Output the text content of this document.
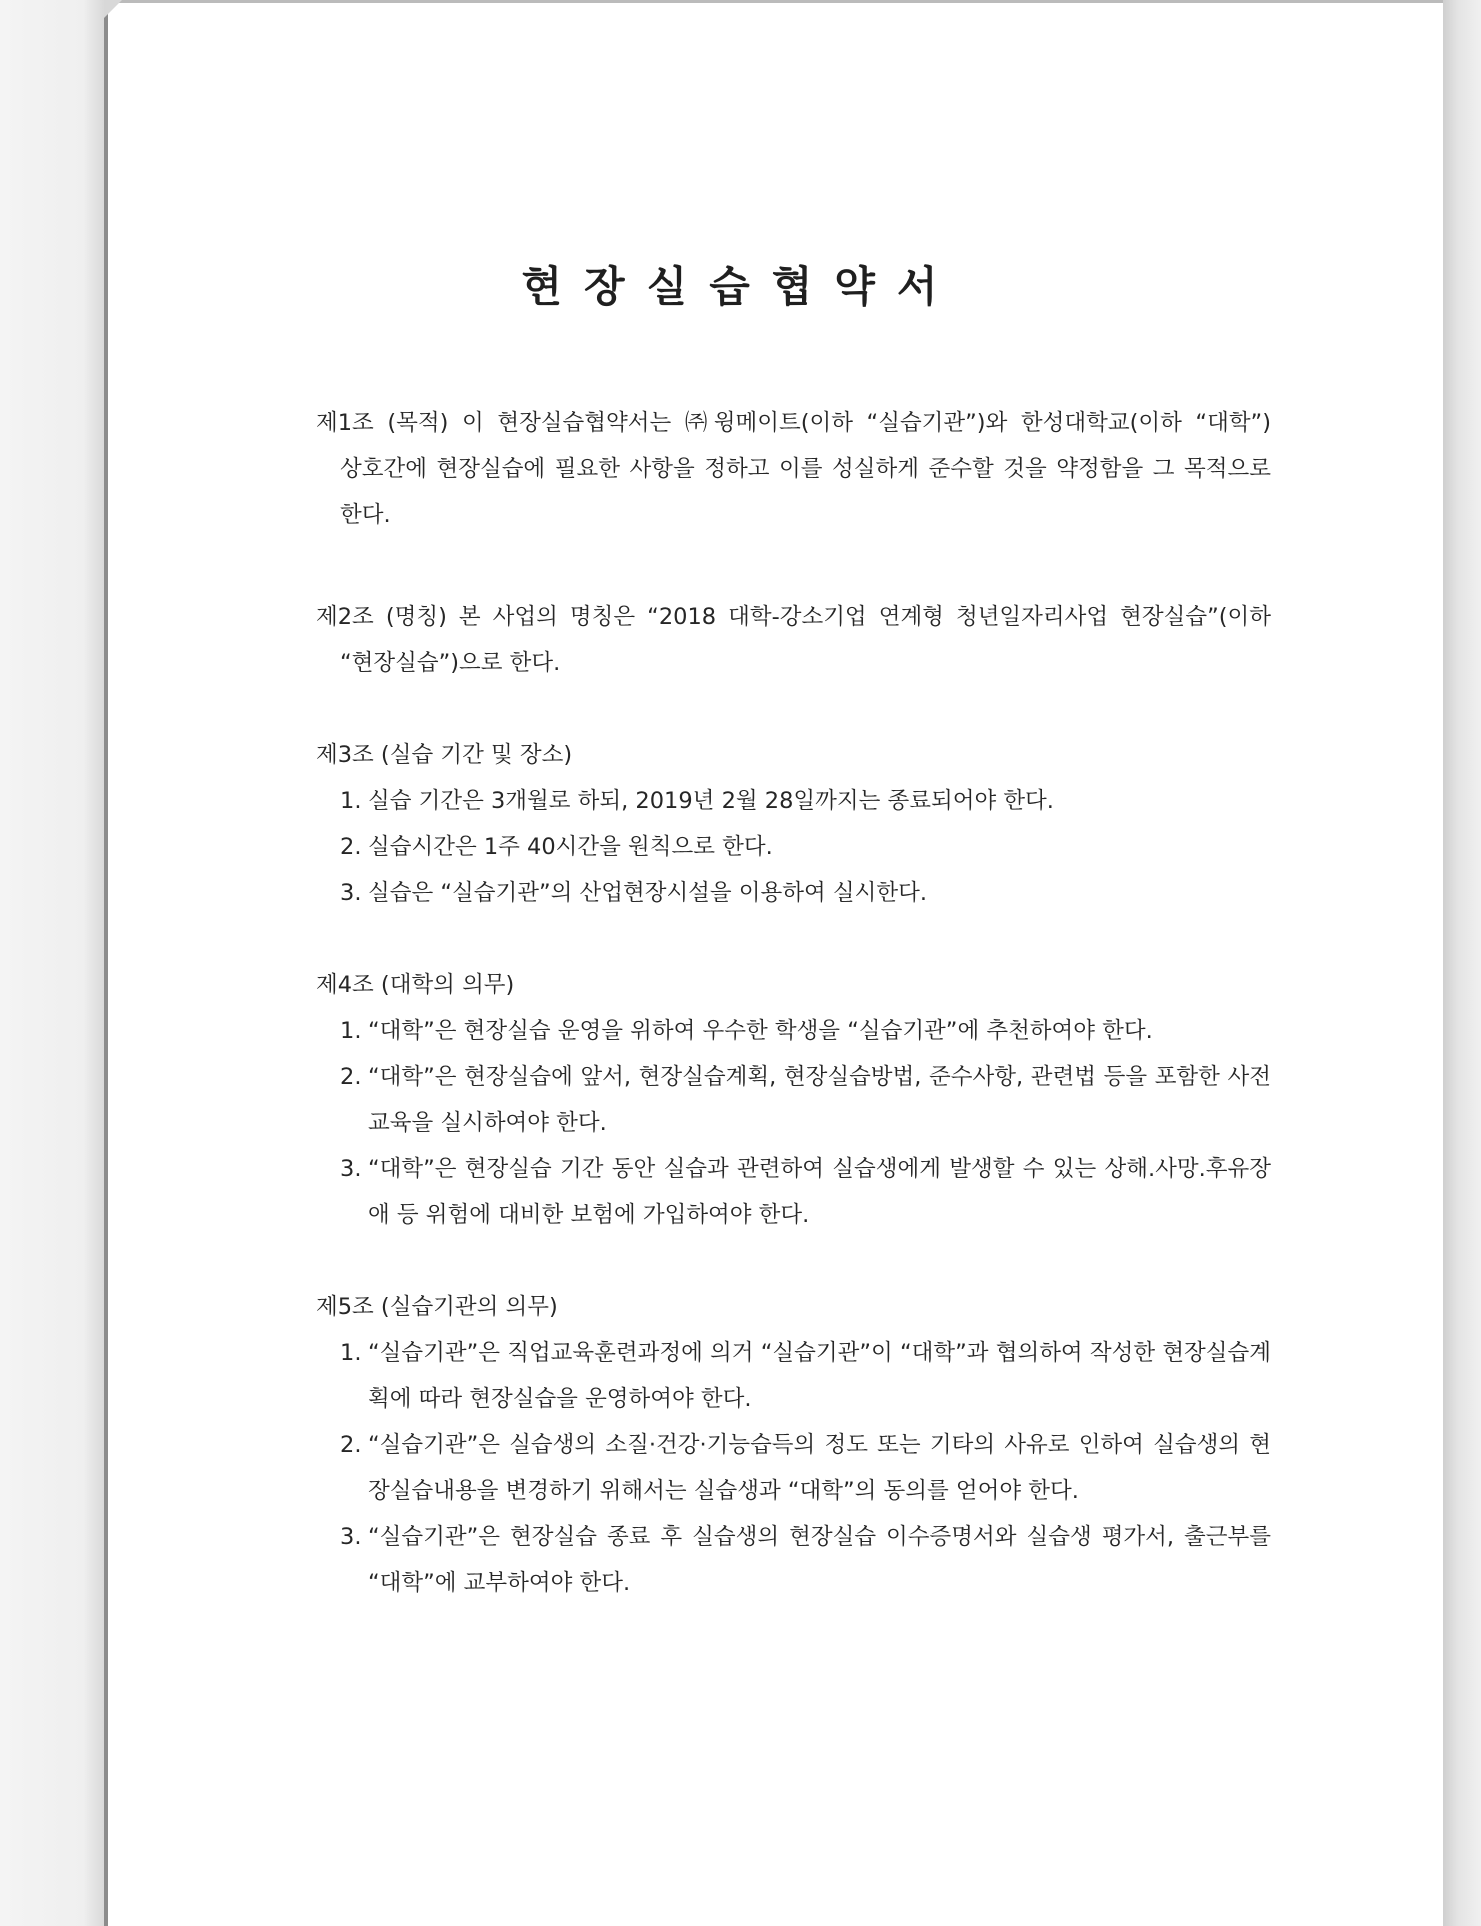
현장실습협약서
제1조 (목적) 이 현장실습협약서는 ㈜윙메이트(이하 “실습기관”)와 한성대학교(이하 “대학”)
상호간에 현장실습에 필요한 사항을 정하고 이를 성실하게 준수할 것을 약정함을 그 목적으로 한다.
제2조 (명칭) 본 사업의 명칭은 “2018 대학-강소기업 연계형 청년일자리사업 현장실습”(이하
“현장실습”)으로 한다.
제3조 (실습 기간 및 장소)
1. 실습 기간은 3개월로 하되, 2019년 2월 28일까지는 종료되어야 한다.
2. 실습시간은 1주 40시간을 원칙으로 한다.
3. 실습은 “실습기관”의 산업현장시설을 이용하여 실시한다.
제4조 (대학의 의무)
1. “대학”은 현장실습 운영을 위하여 우수한 학생을 “실습기관”에 추천하여야 한다.
2. “대학”은 현장실습에 앞서, 현장실습계획, 현장실습방법, 준수사항, 관련법 등을 포함한 사전 교육을 실시하여야 한다.
3. “대학”은 현장실습 기간 동안 실습과 관련하여 실습생에게 발생할 수 있는 상해.사망.후유장애 등 위험에 대비한 보험에 가입하여야 한다.
제5조 (실습기관의 의무)
1. “실습기관”은 직업교육훈련과정에 의거 “실습기관”이 “대학”과 협의하여 작성한 현장실습계획에 따라 현장실습을 운영하여야 한다.
2. “실습기관”은 실습생의 소질·건강·기능습득의 정도 또는 기타의 사유로 인하여 실습생의 현장실습내용을 변경하기 위해서는 실습생과 “대학”의 동의를 얻어야 한다.
3. “실습기관”은 현장실습 종료 후 실습생의 현장실습 이수증명서와 실습생 평가서, 출근부를 “대학”에 교부하여야 한다.
